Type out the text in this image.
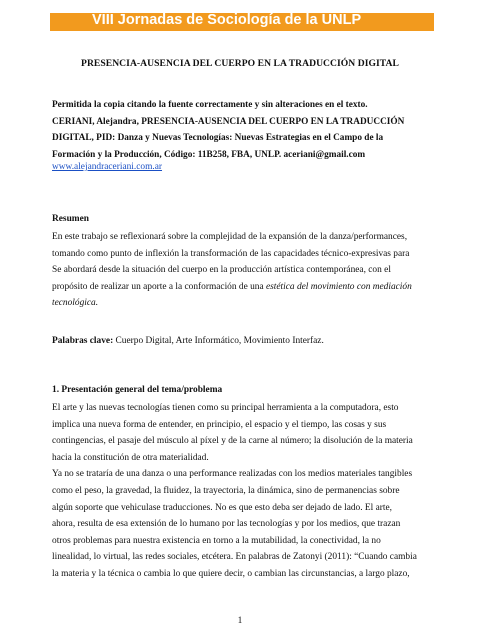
VIII Jornadas de Sociología de la UNLP
PRESENCIA-AUSENCIA DEL CUERPO EN LA TRADUCCIÓN DIGITAL
Permitida la copia citando la fuente correctamente y sin alteraciones en el texto.
CERIANI, Alejandra, PRESENCIA-AUSENCIA DEL CUERPO EN LA TRADUCCIÓN
DIGITAL, PID: Danza y Nuevas Tecnologías: Nuevas Estrategias en el Campo de la
Formación y la Producción, Código: 11B258, FBA, UNLP. aceriani@gmail.com
www.alejandraceriani.com.ar
Resumen
En este trabajo se reflexionará sobre la complejidad de la expansión de la danza/performances,
tomando como punto de inflexión la transformación de las capacidades técnico-expresivas para
Se abordará desde la situación del cuerpo en la producción artística contemporánea, con el
propósito de realizar un aporte a la conformación de una estética del movimiento con mediación
tecnológica.
Palabras clave: Cuerpo Digital, Arte Informático, Movimiento Interfaz.
1. Presentación general del tema/problema
El arte y las nuevas tecnologías tienen como su principal herramienta a la computadora, esto
implica una nueva forma de entender, en principio, el espacio y el tiempo, las cosas y sus
contingencias, el pasaje del músculo al píxel y de la carne al número; la disolución de la materia
hacia la constitución de otra materialidad.
Ya no se trataría de una danza o una performance realizadas con los medios materiales tangibles
como el peso, la gravedad, la fluidez, la trayectoria, la dinámica, sino de permanencias sobre
algún soporte que vehiculase traducciones. No es que esto deba ser dejado de lado. El arte,
ahora, resulta de esa extensión de lo humano por las tecnologías y por los medios, que trazan
otros problemas para nuestra existencia en torno a la mutabilidad, la conectividad, la no
linealidad, lo virtual, las redes sociales, etcétera. En palabras de Zatonyi (2011): “Cuando cambia
la materia y la técnica o cambia lo que quiere decir, o cambian las circunstancias, a largo plazo,
1
